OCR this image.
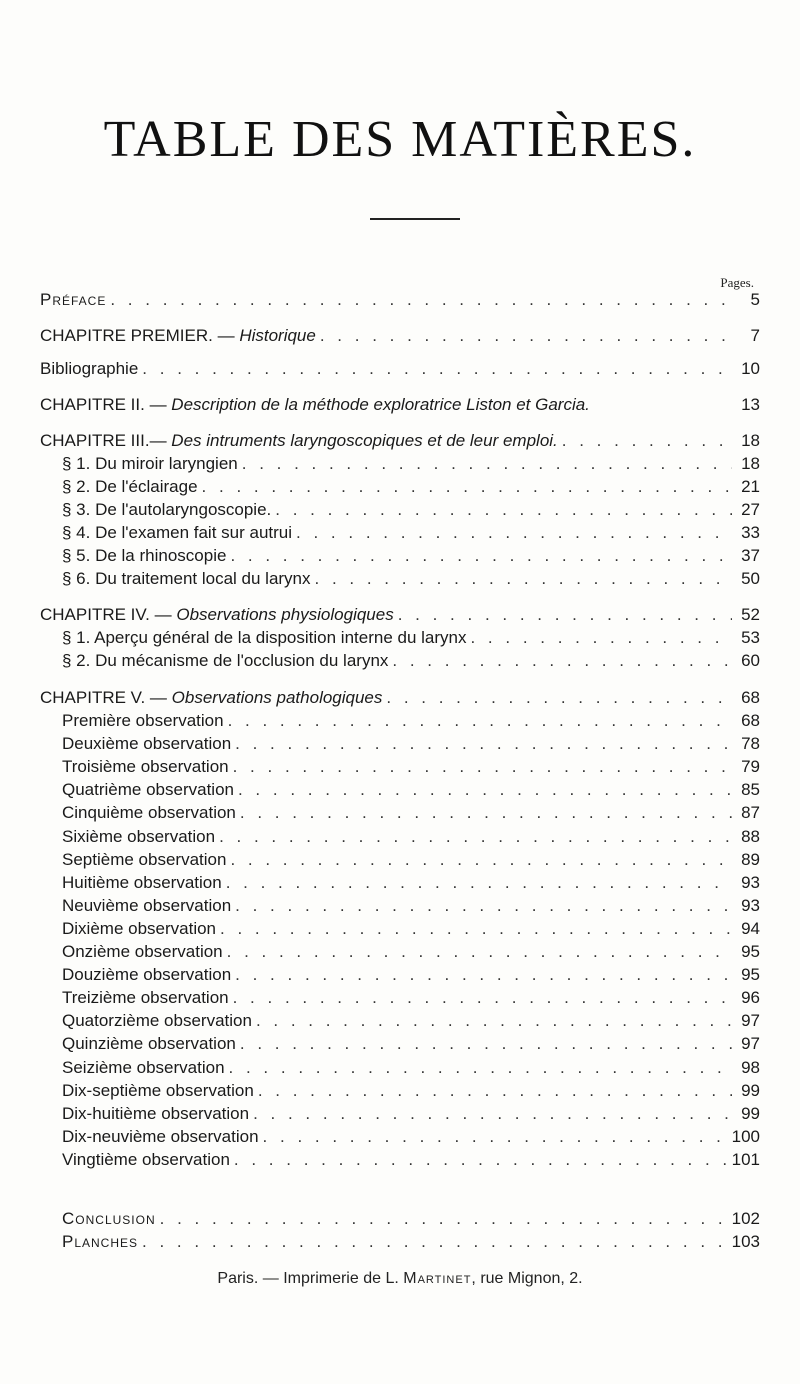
TABLE DES MATIÈRES.
Pages.
Préface . . .	5
CHAPITRE PREMIER. — Historique . . .	7
Bibliographie . . .	10
CHAPITRE II. — Description de la méthode exploratrice Liston et Garcia.	13
CHAPITRE III.— Des intruments laryngoscopiques et de leur emploi. . . .	18
§ 1. Du miroir laryngien . . .	18
§ 2. De l'éclairage . . .	21
§ 3. De l'autolaryngoscopie. . . .	27
§ 4. De l'examen fait sur autrui . . .	33
§ 5. De la rhinoscopie . . .	37
§ 6. Du traitement local du larynx . . .	50
CHAPITRE IV. — Observations physiologiques . . .	52
§ 1. Aperçu général de la disposition interne du larynx . . .	53
§ 2. Du mécanisme de l'occlusion du larynx . . .	60
CHAPITRE V. — Observations pathologiques . . .	68
Première observation . . .	68
Deuxième observation . . .	78
Troisième observation . . .	79
Quatrième observation . . .	85
Cinquième observation . . .	87
Sixième observation . . .	88
Septième observation . . .	89
Huitième observation . . .	93
Neuvième observation . . .	93
Dixième observation . . .	94
Onzième observation . . .	95
Douzième observation . . .	95
Treizième observation . . .	96
Quatorzième observation . . .	97
Quinzième observation . . .	97
Seizième observation . . .	98
Dix-septième observation . . .	99
Dix-huitième observation . . .	99
Dix-neuvième observation . . .	100
Vingtième observation . . .	101
Conclusion . . .	102
Planches . . .	103
Paris. — Imprimerie de L. Martinet, rue Mignon, 2.
